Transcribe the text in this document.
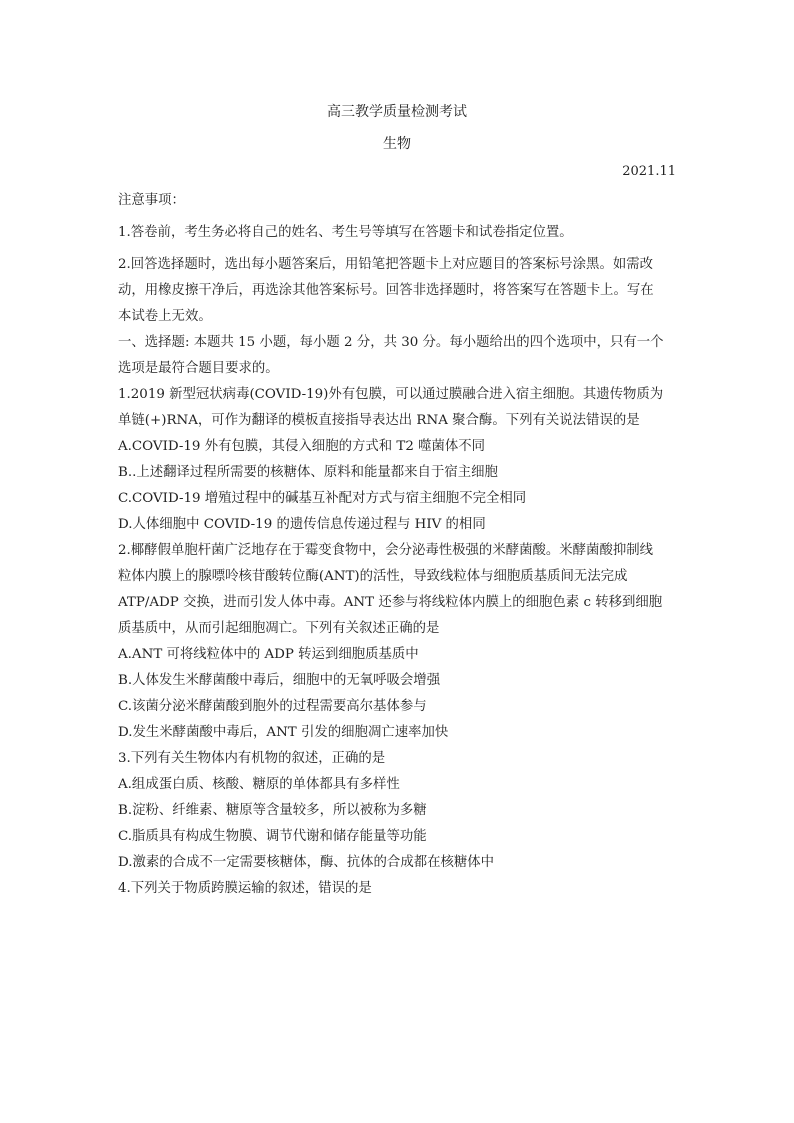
高三教学质量检测考试
生物
2021.11
注意事项：
1.答卷前，考生务必将自己的姓名、考生号等填写在答题卡和试卷指定位置。
2.回答选择题时，选出每小题答案后，用铅笔把答题卡上对应题目的答案标号涂黑。如需改
动，用橡皮擦干净后，再选涂其他答案标号。回答非选择题时，将答案写在答题卡上。写在
本试卷上无效。
一、选择题: 本题共 15 小题，每小题 2 分，共 30 分。每小题给出的四个选项中，只有一个
选项是最符合题目要求的。
1.2019 新型冠状病毒(COVID-19)外有包膜，可以通过膜融合进入宿主细胞。其遗传物质为
单链(+)RNA，可作为翻译的模板直接指导表达出 RNA 聚合酶。下列有关说法错误的是
A.COVID-19 外有包膜，其侵入细胞的方式和 T2 噬菌体不同
B..上述翻译过程所需要的核糖体、原料和能量都来自于宿主细胞
C.COVID-19 增殖过程中的碱基互补配对方式与宿主细胞不完全相同
D.人体细胞中 COVID-19 的遗传信息传递过程与 HIV 的相同
2.椰酵假单胞杆菌广泛地存在于霉变食物中，会分泌毒性极强的米酵菌酸。米酵菌酸抑制线
粒体内膜上的腺嘌呤核苷酸转位酶(ANT)的活性，导致线粒体与细胞质基质间无法完成
ATP/ADP 交换，进而引发人体中毒。ANT 还参与将线粒体内膜上的细胞色素 c 转移到细胞
质基质中，从而引起细胞凋亡。下列有关叙述正确的是
A.ANT 可将线粒体中的 ADP 转运到细胞质基质中
B.人体发生米酵菌酸中毒后，细胞中的无氧呼吸会增强
C.该菌分泌米酵菌酸到胞外的过程需要高尔基体参与
D.发生米酵菌酸中毒后，ANT 引发的细胞凋亡速率加快
3.下列有关生物体内有机物的叙述，正确的是
A.组成蛋白质、核酸、糖原的单体都具有多样性
B.淀粉、纤维素、糖原等含量较多，所以被称为多糖
C.脂质具有构成生物膜、调节代谢和储存能量等功能
D.激素的合成不一定需要核糖体，酶、抗体的合成都在核糖体中
4.下列关于物质跨膜运输的叙述，错误的是
